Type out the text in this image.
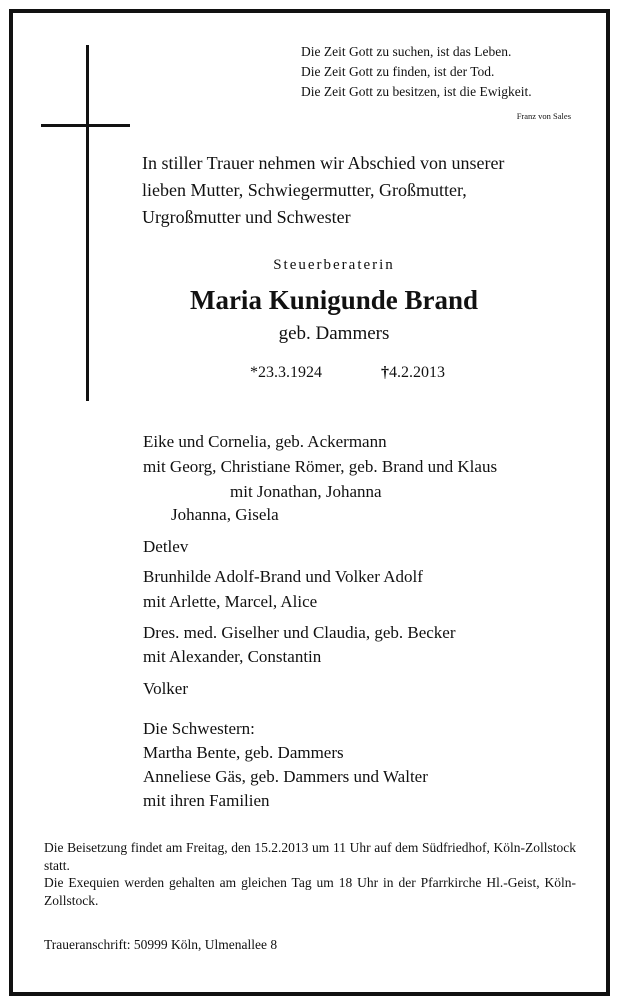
Die Zeit Gott zu suchen, ist das Leben.
Die Zeit Gott zu finden, ist der Tod.
Die Zeit Gott zu besitzen, ist die Ewigkeit.
Franz von Sales
In stiller Trauer nehmen wir Abschied von unserer
lieben Mutter, Schwiegermutter, Großmutter,
Urgroßmutter und Schwester
Steuerberaterin
Maria Kunigunde Brand
geb. Dammers
*23.3.1924	†4.2.2013
Eike und Cornelia, geb. Ackermann
mit Georg, Christiane Römer, geb. Brand und Klaus
mit Jonathan, Johanna
Johanna, Gisela
Detlev
Brunhilde Adolf-Brand und Volker Adolf
mit Arlette, Marcel, Alice
Dres. med. Giselher und Claudia, geb. Becker
mit Alexander, Constantin
Volker
Die Schwestern:
Martha Bente, geb. Dammers
Anneliese Gäs, geb. Dammers und Walter
mit ihren Familien

Die Beisetzung findet am Freitag, den 15.2.2013 um 11 Uhr auf dem Südfriedhof, Köln-Zollstock statt.

Die Exequien werden gehalten am gleichen Tag um 18 Uhr in der Pfarrkirche Hl.-Geist, Köln-Zollstock.

Traueranschrift: 50999 Köln, Ulmenallee 8
